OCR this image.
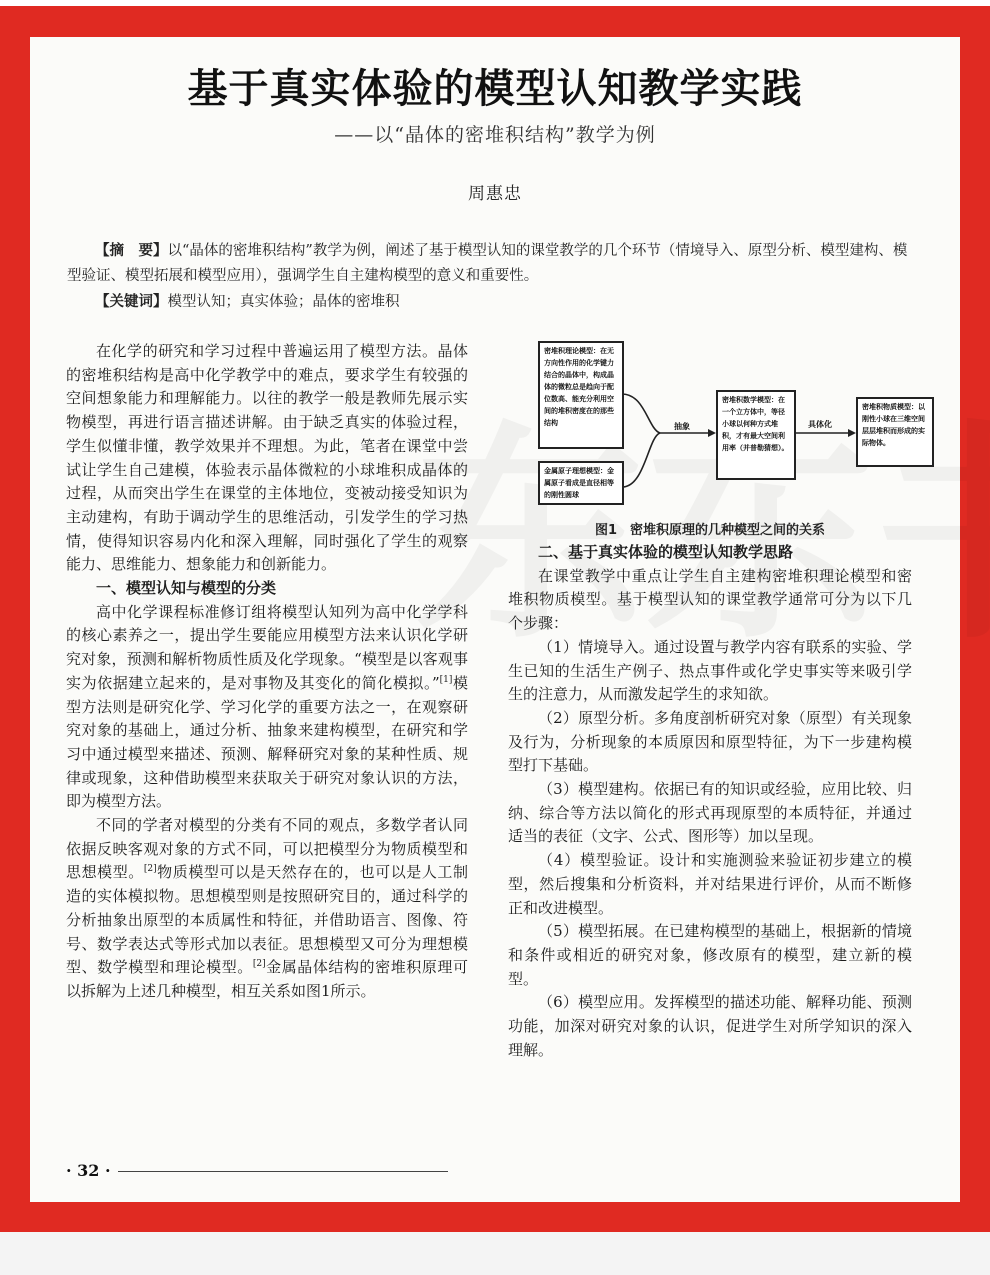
基于真实体验的模型认知教学实践
——以“晶体的密堆积结构”教学为例
周惠忠
【摘　要】以“晶体的密堆积结构”教学为例，阐述了基于模型认知的课堂教学的几个环节（情境导入、原型分析、模型建构、模型验证、模型拓展和模型应用），强调学生自主建构模型的意义和重要性。
【关键词】模型认知；真实体验；晶体的密堆积

在化学的研究和学习过程中普遍运用了模型方法。晶体的密堆积结构是高中化学教学中的难点，要求学生有较强的空间想象能力和理解能力。以往的教学一般是教师先展示实物模型，再进行语言描述讲解。由于缺乏真实的体验过程，学生似懂非懂，教学效果并不理想。为此，笔者在课堂中尝试让学生自己建模，体验表示晶体微粒的小球堆积成晶体的过程，从而突出学生在课堂的主体地位，变被动接受知识为主动建构，有助于调动学生的思维活动，引发学生的学习热情，使得知识容易内化和深入理解，同时强化了学生的观察能力、思维能力、想象能力和创新能力。

一、模型认知与模型的分类

高中化学课程标准修订组将模型认知列为高中化学学科的核心素养之一，提出学生要能应用模型方法来认识化学研究对象，预测和解析物质性质及化学现象。“模型是以客观事实为依据建立起来的，是对事物及其变化的简化模拟。”[1]模型方法则是研究化学、学习化学的重要方法之一，在观察研究对象的基础上，通过分析、抽象来建构模型，在研究和学习中通过模型来描述、预测、解释研究对象的某种性质、规律或现象，这种借助模型来获取关于研究对象认识的方法，即为模型方法。

不同的学者对模型的分类有不同的观点，多数学者认同依据反映客观对象的方式不同，可以把模型分为物质模型和思想模型。[2]物质模型可以是天然存在的，也可以是人工制造的实体模拟物。思想模型则是按照研究目的，通过科学的分析抽象出原型的本质属性和特征，并借助语言、图像、符号、数学表达式等形式加以表征。思想模型又可分为理想模型、数学模型和理论模型。[2]金属晶体结构的密堆积原理可以拆解为上述几种模型，相互关系如图1所示。

密堆积理论模型：在无方向性作用的化学键力结合的晶体中，构成晶体的微粒总是趋向于配位数高、能充分利用空间的堆积密度在的那些结构
金属原子理想模型：金属原子看成是直径相等的刚性圆球
抽象
密堆积数学模型：在一个立方体中，等径小球以何种方式堆积，才有最大空间利用率（并普勒猜想）。
具体化
密堆积物质模型：以刚性小球在三维空间层层堆积而形成的实际物体。
图1　密堆积原理的几种模型之间的关系
二、基于真实体验的模型认知教学思路

在课堂教学中重点让学生自主建构密堆积理论模型和密堆积物质模型。基于模型认知的课堂教学通常可分为以下几个步骤：

（1）情境导入。通过设置与教学内容有联系的实验、学生已知的生活生产例子、热点事件或化学史事实等来吸引学生的注意力，从而激发起学生的求知欲。

（2）原型分析。多角度剖析研究对象（原型）有关现象及行为，分析现象的本质原因和原型特征，为下一步建构模型打下基础。

（3）模型建构。依据已有的知识或经验，应用比较、归纳、综合等方法以简化的形式再现原型的本质特征，并通过适当的表征（文字、公式、图形等）加以呈现。

（4）模型验证。设计和实施测验来验证初步建立的模型，然后搜集和分析资料，并对结果进行评价，从而不断修正和改进模型。

（5）模型拓展。在已建构模型的基础上，根据新的情境和条件或相近的研究对象，修改原有的模型，建立新的模型。

（6）模型应用。发挥模型的描述功能、解释功能、预测功能，加深对研究对象的认识，促进学生对所学知识的深入理解。

· 32 ·
